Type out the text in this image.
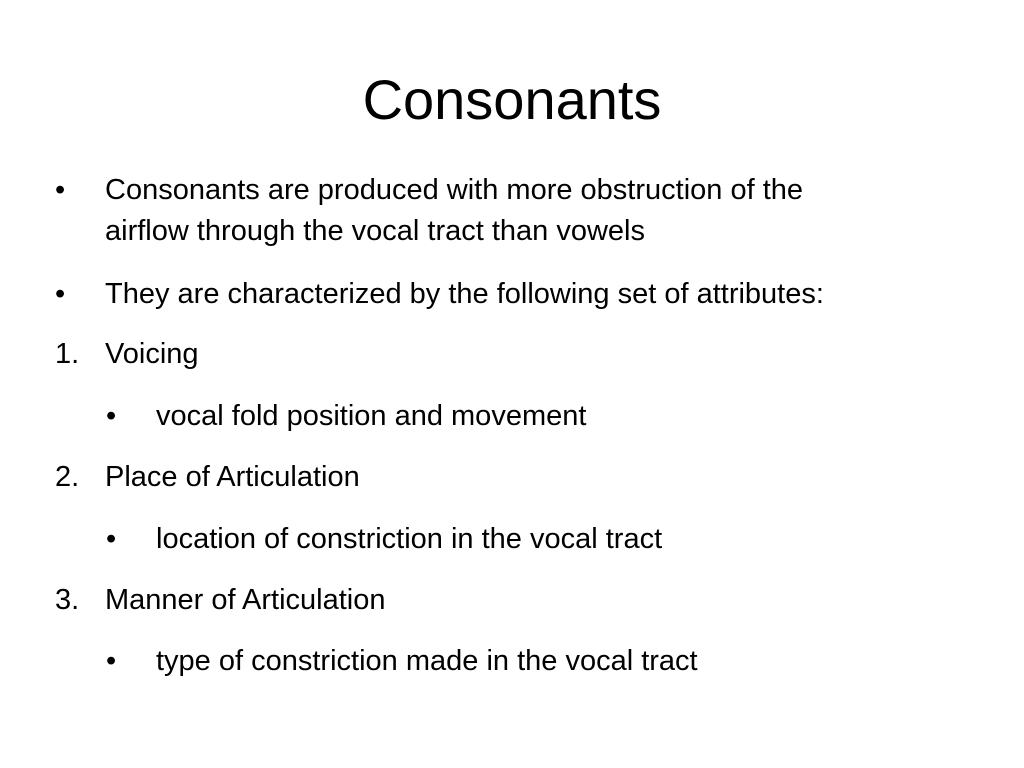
Consonants
• Consonants are produced with more obstruction of the
airflow through the vocal tract than vowels
• They are characterized by the following set of attributes:
1. Voicing
• vocal fold position and movement
2. Place of Articulation
• location of constriction in the vocal tract
3. Manner of Articulation
• type of constriction made in the vocal tract
